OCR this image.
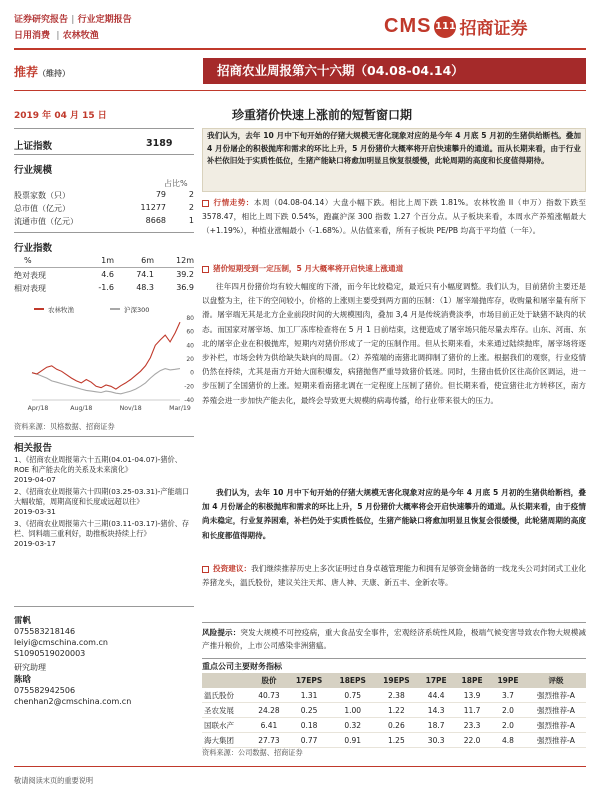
证券研究报告 | 行业定期报告
日用消费  | 农林牧渔	CMS 111 招商证券
推荐（维持）	招商农业周报第六十六期（04.08-04.14）
2019 年 04 月 15 日	珍重猪价快速上涨前的短暂窗口期
上证指数	3189
行业规模
占比%
股票家数（只）	79	2
总市值（亿元）	11277	2
流通市值（亿元）	8668	1
行业指数
%	1m	6m	12m
绝对表现	4.6	74.1	39.2
相对表现	-1.6	48.3	36.9
农林牧渔	沪深300
80
60
40
20
0
-20
-40
Apr/18	Aug/18	Nov/18	Mar/19
资料来源：贝格数据、招商证券
相关报告
1、《招商农业周报第六十五期(04.01-04.07)-猪价、ROE 和产能去化的关系及未来演化》
2019-04-07
2、《招商农业周报第六十四期(03.25-03.31)-产能端口大幅收缩，周期高度和长度或远超以往》
2019-03-31
3、《招商农业周报第六十三期(03.11-03.17)-猪价、存栏、饲料端三重利好，助推板块持续上行》
2019-03-17
雷帆
075583218146
leiyi@cmschina.com.cn
S1090519020003
研究助理
陈晗
075582942506
chenhan2@cmschina.com.cn
我们认为，去年 10 月中下旬开始的仔猪大规模无害化现象对应的是今年 4 月底 5 月初的生猪供给断档。叠加 4 月份屠企的积极抛库和需求的环比上升，5 月份猪价大概率将开启快速攀升的通道。而从长期来看，由于行业补栏依旧处于实质性低位，生猪产能缺口将愈加明显且恢复很缓慢，此轮周期的高度和长度值得期待。
行情走势：本周（04.08-04.14）大盘小幅下跌。相比上周下跌 1.81%。农林牧渔 II（申万）指数下跌至 3578.47，相比上周下跌 0.54%，跑赢沪深 300 指数 1.27 个百分点。从子板块来看，本周水产养殖涨幅最大（+1.19%），种植业涨幅最小（-1.68%）。从估值来看，所有子板块 PE/PB 均高于平均值（一年）。
猪价短期受到一定压制，5 月大概率将开启快速上涨通道
往年四月份猪价均有较大幅度的下滑，而今年比较稳定，最近只有小幅度调整。我们认为，目前猪价主要还是以盘整为主，往下的空间较小，价格的上涨则主要受到两方面的压制：（1）屠宰端抛库存，收购量和屠宰量有所下滑。屠宰端无其是北方企业前段时间的大规模囤肉，叠加 3,4 月是传统消费淡季，市场目前正处于缺猪不缺肉的状态。而国家对屠宰场、加工厂冻库检查将在 5 月 1 日前结束，这便造成了屠宰场只能尽量去库存。山东、河南、东北的屠宰企业在积极抛库，短期内对猪价形成了一定的压制作用。但从长期来看，未来通过陆续抛库，屠宰场将逐步补栏，市场会转为供给缺失缺向的局面。（2）养殖端的南猪北调抑制了猪价的上涨。根据我们的观察，行业疫情仍然在持续，尤其是南方开始大面积爆发，病猪抛售严重导致猪价低迷。同时，生猪由低价区往高价区调运，进一步压制了全国猪价的上涨。短期来看南猪北调在一定程度上压制了猪价。但长期来看，使宜猪往北方转移区，南方养殖会进一步加快产能去化，最终会导致更大规模的病毒传播，给行业带来很大的压力。
我们认为，去年 10 月中下旬开始的仔猪大规模无害化现象对应的是今年 4 月底 5 月初的生猪供给断档，叠加 4 月份屠企的积极抛库和需求的环比上升，5 月份猪价大概率将会开启快速攀升的通道。从长期来看，由于疫情尚未稳定，行业复养困难，补栏仍处于实质性低位，生猪产能缺口将愈加明显且恢复会很缓慢，此轮猪周期的高度和长度都值得期待。
投资建议：我们继续推荐历史上多次证明过自身卓越管理能力和拥有足够资金储备的一线龙头公司封闭式工业化养猪龙头，温氏股份，建议关注天邦、唐人神、天康、新五丰、金新农等。
风险提示：突发大规模不可控疫病，重大食品安全事件，宏观经济系统性风险，极端气候变害导致农作物大规模减产推升粮价，上市公司感染非洲猪瘟。
重点公司主要财务指标
	股价	17EPS	18EPS	19EPS	17PE	18PE	19PE	评级
温氏股份	40.73	1.31	0.75	2.38	44.4	13.9	3.7	强烈推荐-A
圣农发展	24.28	0.25	1.00	1.22	14.3	11.7	2.0	强烈推荐-A
国联水产	6.41	0.18	0.32	0.26	18.7	23.3	2.0	强烈推荐-A
海大集团	27.73	0.77	0.91	1.25	30.3	22.0	4.8	强烈推荐-A
资料来源：公司数据、招商证券
敬请阅读末页的重要说明
